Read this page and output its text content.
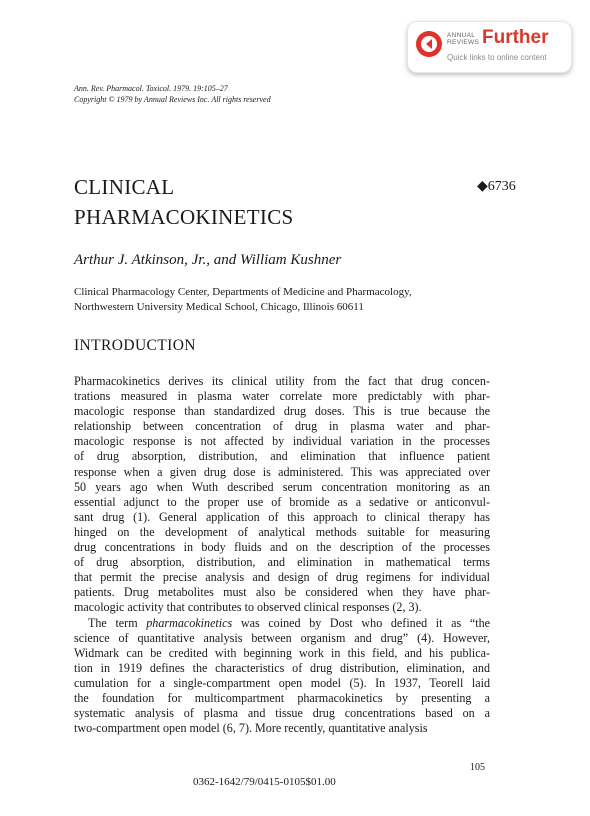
ANNUAL
REVIEWS Further
Quick links to online content
Ann. Rev. Pharmacol. Toxicol. 1979. 19:105–27
Copyright © 1979 by Annual Reviews Inc. All rights reserved
CLINICAL
PHARMACOKINETICS
◆6736
Arthur J. Atkinson, Jr., and William Kushner
Clinical Pharmacology Center, Departments of Medicine and Pharmacology,
Northwestern University Medical School, Chicago, Illinois 60611
INTRODUCTION
Pharmacokinetics derives its clinical utility from the fact that drug concen-
trations measured in plasma water correlate more predictably with phar-
macologic response than standardized drug doses. This is true because the
relationship between concentration of drug in plasma water and phar-
macologic response is not affected by individual variation in the processes
of drug absorption, distribution, and elimination that influence patient
response when a given drug dose is administered. This was appreciated over
50 years ago when Wuth described serum concentration monitoring as an
essential adjunct to the proper use of bromide as a sedative or anticonvul-
sant drug (1). General application of this approach to clinical therapy has
hinged on the development of analytical methods suitable for measuring
drug concentrations in body fluids and on the description of the processes
of drug absorption, distribution, and elimination in mathematical terms
that permit the precise analysis and design of drug regimens for individual
patients. Drug metabolites must also be considered when they have phar-
macologic activity that contributes to observed clinical responses (2, 3).
The term pharmacokinetics was coined by Dost who defined it as “the
science of quantitative analysis between organism and drug” (4). However,
Widmark can be credited with beginning work in this field, and his publica-
tion in 1919 defines the characteristics of drug distribution, elimination, and
cumulation for a single-compartment open model (5). In 1937, Teorell laid
the foundation for multicompartment pharmacokinetics by presenting a
systematic analysis of plasma and tissue drug concentrations based on a
two-compartment open model (6, 7). More recently, quantitative analysis
105
0362-1642/79/0415-0105$01.00
